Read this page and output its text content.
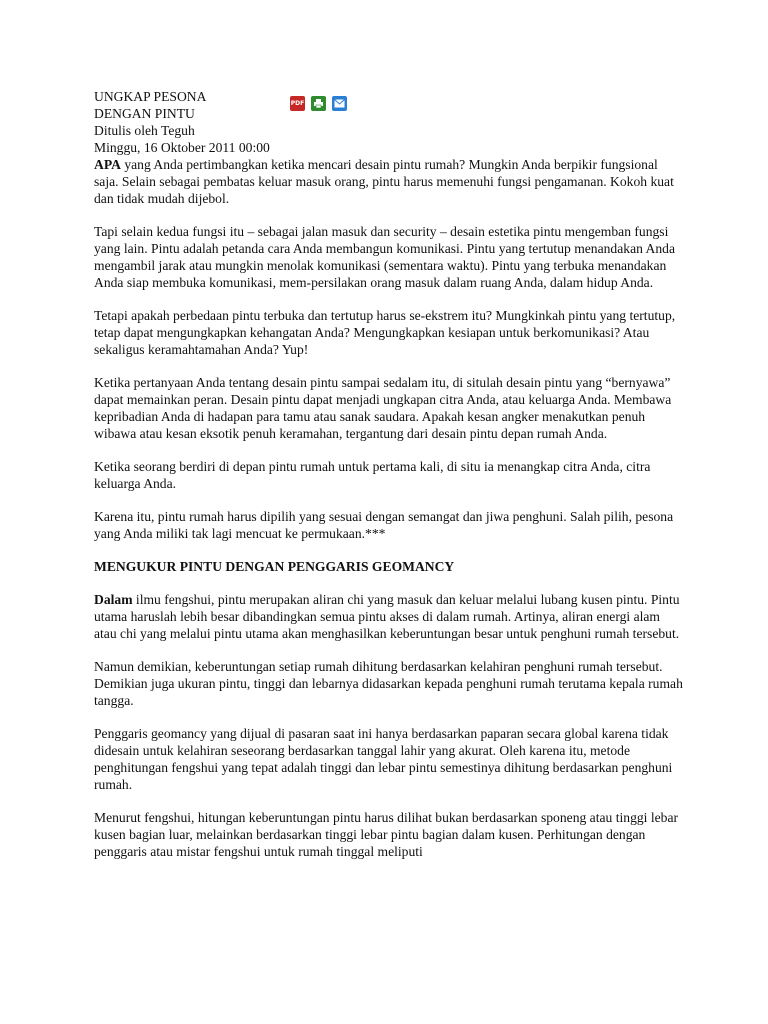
UNGKAP PESONA
DENGAN PINTU
PDF
Ditulis oleh Teguh
Minggu, 16 Oktober 2011 00:00

APA yang Anda pertimbangkan ketika mencari desain pintu rumah? Mungkin Anda berpikir fungsional saja. Selain sebagai pembatas keluar masuk orang, pintu harus memenuhi fungsi pengamanan. Kokoh kuat dan tidak mudah dijebol.

Tapi selain kedua fungsi itu – sebagai jalan masuk dan security – desain estetika pintu mengemban fungsi yang lain. Pintu adalah petanda cara Anda membangun komunikasi. Pintu yang tertutup menandakan Anda mengambil jarak atau mungkin menolak komunikasi (sementara waktu). Pintu yang terbuka menandakan Anda siap membuka komunikasi, mem-persilakan orang masuk dalam ruang Anda, dalam hidup Anda.

Tetapi apakah perbedaan pintu terbuka dan tertutup harus se-ekstrem itu? Mungkinkah pintu yang tertutup, tetap dapat mengungkapkan kehangatan Anda? Mengungkapkan kesiapan untuk berkomunikasi? Atau sekaligus keramahtamahan Anda? Yup!

Ketika pertanyaan Anda tentang desain pintu sampai sedalam itu, di situlah desain pintu yang “bernyawa” dapat memainkan peran. Desain pintu dapat menjadi ungkapan citra Anda, atau keluarga Anda. Membawa kepribadian Anda di hadapan para tamu atau sanak saudara. Apakah kesan angker menakutkan penuh wibawa atau kesan eksotik penuh keramahan, tergantung dari desain pintu depan rumah Anda.

Ketika seorang berdiri di depan pintu rumah untuk pertama kali, di situ ia menangkap citra Anda, citra keluarga Anda.

Karena itu, pintu rumah harus dipilih yang sesuai dengan semangat dan jiwa penghuni. Salah pilih, pesona yang Anda miliki tak lagi mencuat ke permukaan.***

MENGUKUR PINTU DENGAN PENGGARIS GEOMANCY

Dalam ilmu fengshui, pintu merupakan aliran chi yang masuk dan keluar melalui lubang kusen pintu. Pintu utama haruslah lebih besar dibandingkan semua pintu akses di dalam rumah. Artinya, aliran energi alam atau chi yang melalui pintu utama akan menghasilkan keberuntungan besar untuk penghuni rumah tersebut.

Namun demikian, keberuntungan setiap rumah dihitung berdasarkan kelahiran penghuni rumah tersebut. Demikian juga ukuran pintu, tinggi dan lebarnya didasarkan kepada penghuni rumah terutama kepala rumah tangga.

Penggaris geomancy yang dijual di pasaran saat ini hanya berdasarkan paparan secara global karena tidak didesain untuk kelahiran seseorang berdasarkan tanggal lahir yang akurat. Oleh karena itu, metode penghitungan fengshui yang tepat adalah tinggi dan lebar pintu semestinya dihitung berdasarkan penghuni rumah.

Menurut fengshui, hitungan keberuntungan pintu harus dilihat bukan berdasarkan sponeng atau tinggi lebar kusen bagian luar, melainkan berdasarkan tinggi lebar pintu bagian dalam kusen. Perhitungan dengan penggaris atau mistar fengshui untuk rumah tinggal meliputi
